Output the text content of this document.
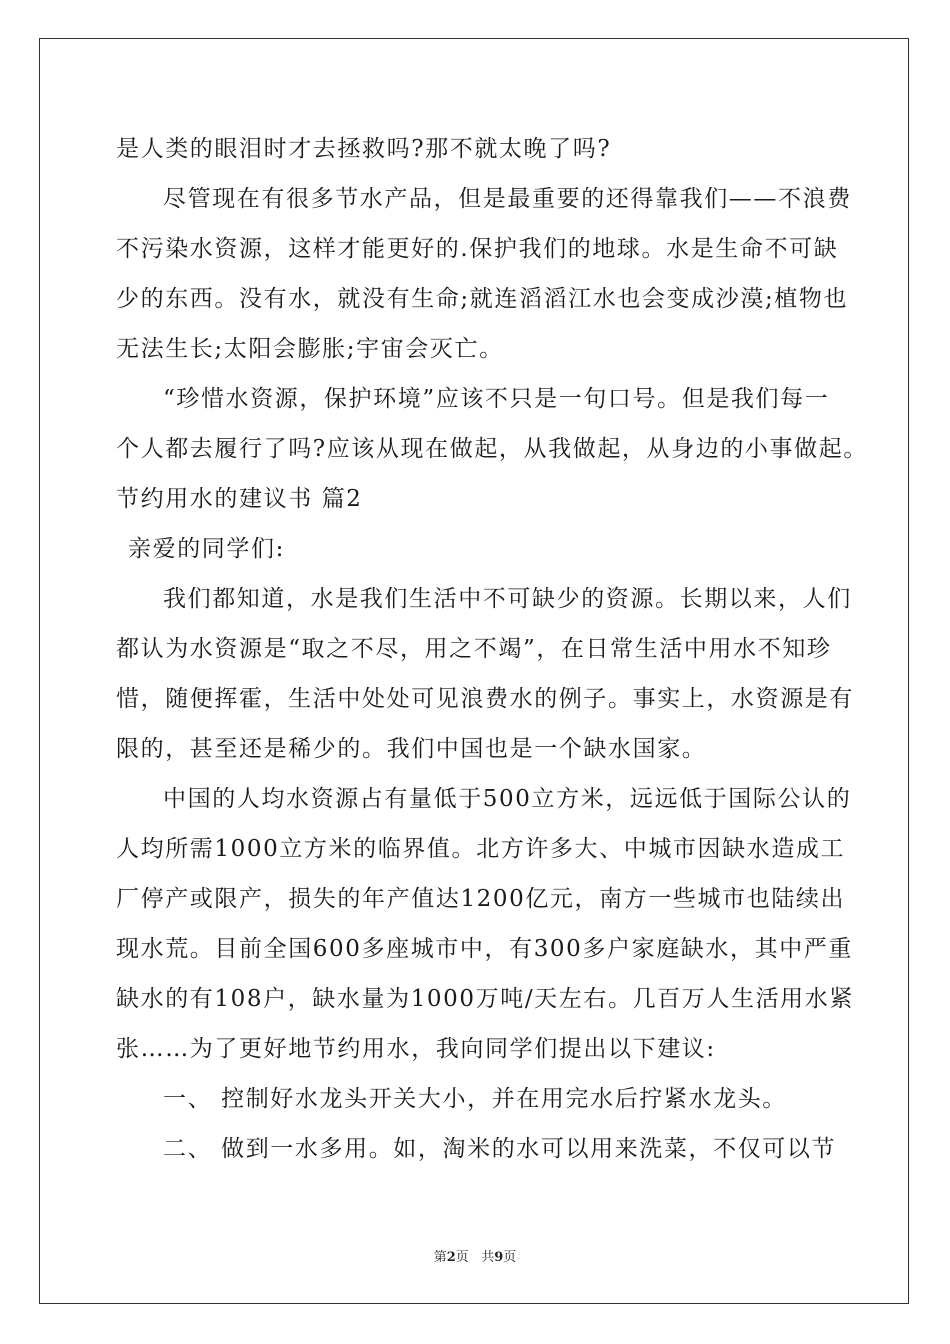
是人类的眼泪时才去拯救吗?那不就太晚了吗?
尽管现在有很多节水产品，但是最重要的还得靠我们——不浪费
不污染水资源，这样才能更好的.保护我们的地球。水是生命不可缺
少的东西。没有水，就没有生命;就连滔滔江水也会变成沙漠;植物也
无法生长;太阳会膨胀;宇宙会灭亡。
“珍惜水资源，保护环境”应该不只是一句口号。但是我们每一
个人都去履行了吗?应该从现在做起，从我做起，从身边的小事做起。
节约用水的建议书 篇2
亲爱的同学们:
我们都知道，水是我们生活中不可缺少的资源。长期以来，人们
都认为水资源是“取之不尽，用之不竭”，在日常生活中用水不知珍
惜，随便挥霍，生活中处处可见浪费水的例子。事实上，水资源是有
限的，甚至还是稀少的。我们中国也是一个缺水国家。
中国的人均水资源占有量低于500立方米，远远低于国际公认的
人均所需1000立方米的临界值。北方许多大、中城市因缺水造成工
厂停产或限产，损失的年产值达1200亿元，南方一些城市也陆续出
现水荒。目前全国600多座城市中，有300多户家庭缺水，其中严重
缺水的有108户，缺水量为1000万吨/天左右。几百万人生活用水紧
张……为了更好地节约用水，我向同学们提出以下建议:
一、 控制好水龙头开关大小，并在用完水后拧紧水龙头。
二、 做到一水多用。如，淘米的水可以用来洗菜，不仅可以节
第2页 共9页
